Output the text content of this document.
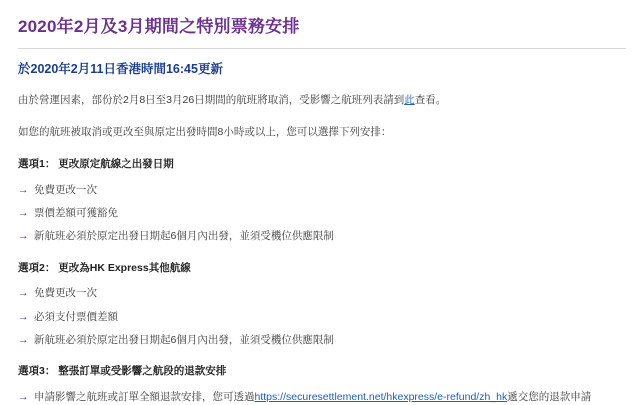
2020年2月及3月期間之特別票務安排
於2020年2月11日香港時間16:45更新

由於營運因素，部份於2月8日至3月26日期間的航班將取消，受影響之航班列表請到此查看。

如您的航班被取消或更改至與原定出發時間8小時或以上，您可以選擇下列安排：

選項1： 更改原定航線之出發日期
→ 免費更改一次
→ 票價差額可獲豁免
→ 新航班必須於原定出發日期起6個月內出發，並須受機位供應限制
選項2： 更改為HK Express其他航線
→ 免費更改一次
→ 必須支付票價差額
→ 新航班必須於原定出發日期起6個月內出發，並須受機位供應限制
選項3： 整張訂單或受影響之航段的退款安排
→ 申請影響之航班或訂單全額退款安排，您可透過https://securesettlement.net/hkexpress/e-refund/zh_hk遞交您的退款申請
